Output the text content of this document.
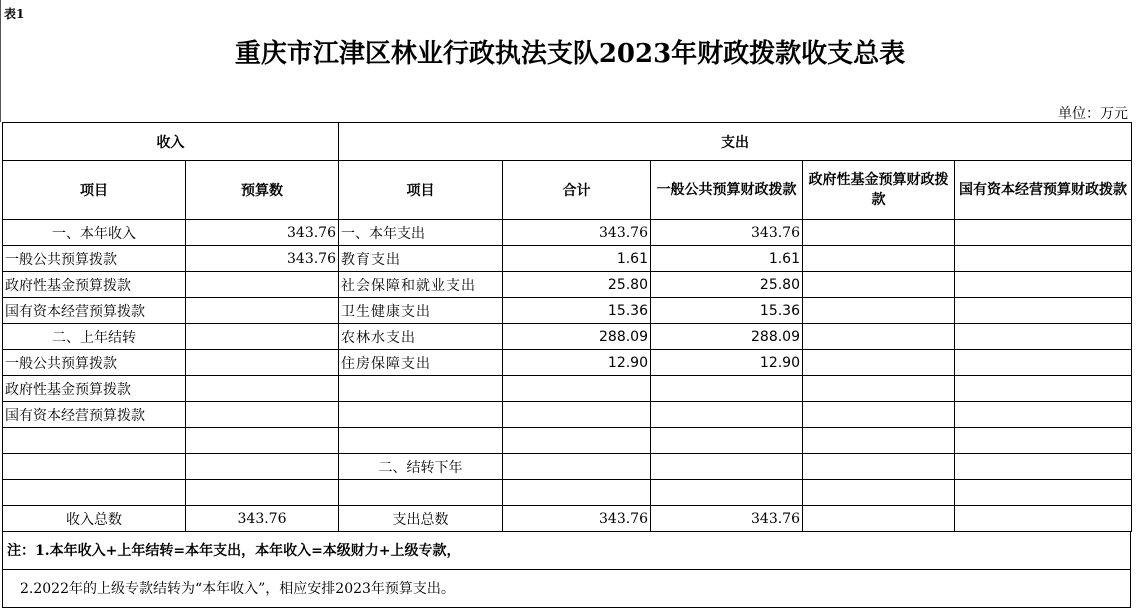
表1
重庆市江津区林业行政执法支队2023年财政拨款收支总表
单位：万元
收入		支出				
项目	预算数	项目	合计	一般公共预算财政拨款	政府性基金预算财政拨款	国有资本经营预算财政拨款
一、本年收入	343.76	一、本年支出	343.76	343.76		
一般公共预算拨款	343.76	教育支出	1.61	1.61		
政府性基金预算拨款		社会保障和就业支出	25.80	25.80		
国有资本经营预算拨款		卫生健康支出	15.36	15.36		
二、上年结转		农林水支出	288.09	288.09		
一般公共预算拨款		住房保障支出	12.90	12.90		
政府性基金预算拨款						
国有资本经营预算拨款						

		二、结转下年				

收入总数	343.76	支出总数	343.76	343.76		
注：1.本年收入+上年结转=本年支出，本年收入=本级财力+上级专款，
2.2022年的上级专款结转为“本年收入”，相应安排2023年预算支出。
